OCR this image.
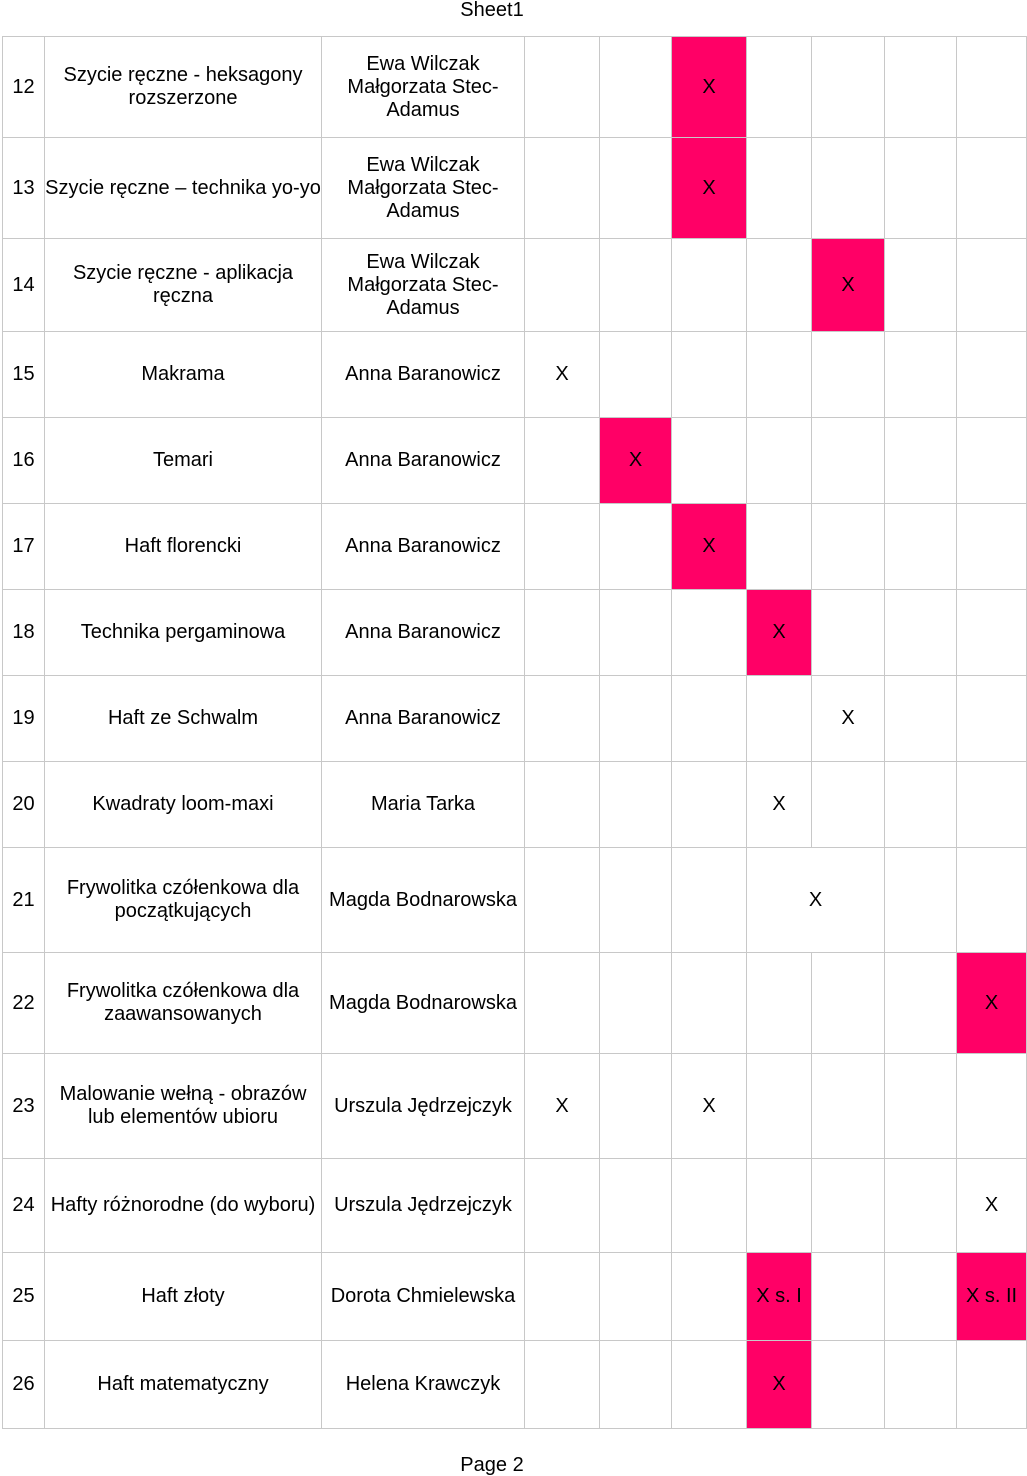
Sheet1
12	Szycie ręczne - heksagony rozszerzone	Ewa Wilczak Małgorzata Stec-Adamus			X				

13	Szycie ręczne – technika yo-yo	Ewa Wilczak Małgorzata Stec-Adamus			X				

14	Szycie ręczne - aplikacja ręczna	Ewa Wilczak Małgorzata Stec-Adamus					X		

15	Makrama	Anna Baranowicz	X						

16	Temari	Anna Baranowicz		X					

17	Haft florencki	Anna Baranowicz			X				

18	Technika pergaminowa	Anna Baranowicz				X			

19	Haft ze Schwalm	Anna Baranowicz					X		

20	Kwadraty loom-maxi	Maria Tarka				X			

21	Frywolitka czółenkowa dla początkujących	Magda Bodnarowska				X			

22	Frywolitka czółenkowa dla zaawansowanych	Magda Bodnarowska							X

23	Malowanie wełną - obrazów lub elementów ubioru	Urszula Jędrzejczyk	X		X				

24	Hafty różnorodne (do wyboru)	Urszula Jędrzejczyk							X

25	Haft złoty	Dorota Chmielewska				X s. I			X s. II

26	Haft matematyczny	Helena Krawczyk				X			

Page 2
